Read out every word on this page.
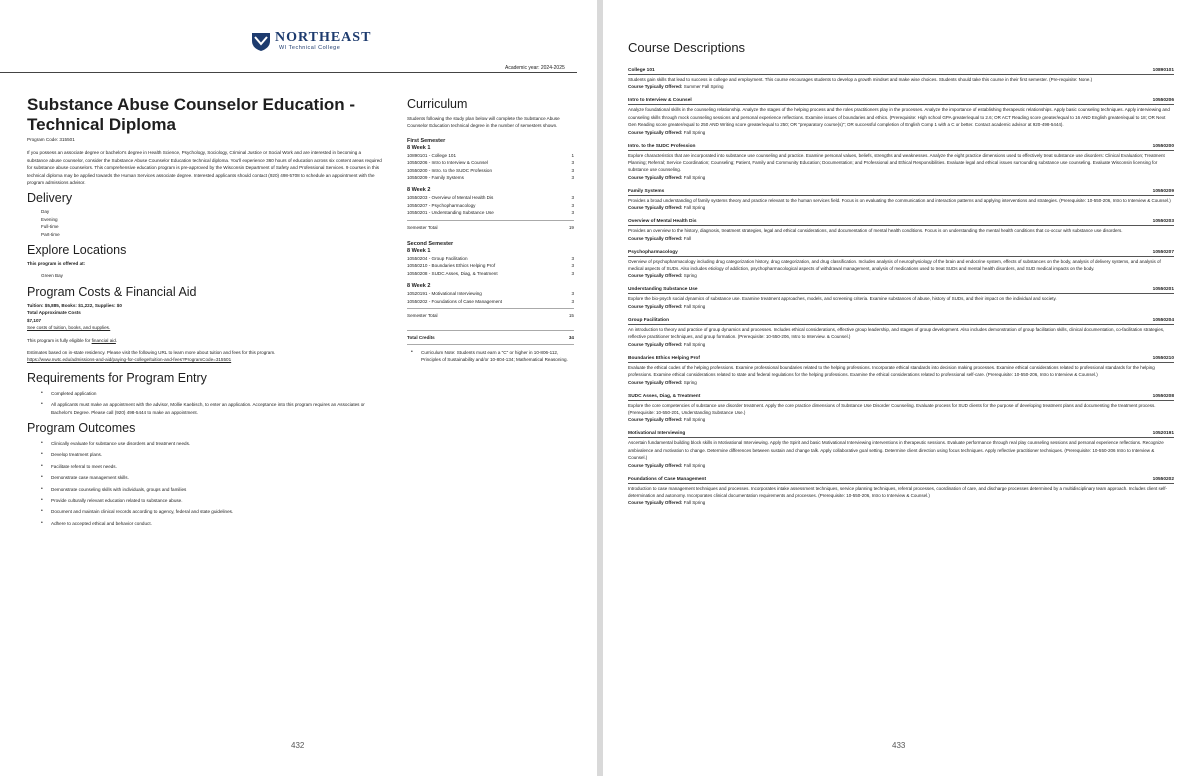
NORTHEAST
WI Technical College
Academic year: 2024-2025
Substance Abuse Counselor Education - Technical Diploma
Program Code: 315501
If you possess an associate degree or bachelor's degree in Health Science, Psychology, Sociology, Criminal Justice or Social Work and are interested in becoming a substance abuse counselor, consider the Substance Abuse Counselor Education technical diploma. You'll experience 360 hours of education across six content areas required for substance abuse counselors. This comprehensive education program is pre-approved by the Wisconsin Department of Safety and Professional Services. 9 courses in this technical diploma may be applied towards the Human Services associate degree. Interested applicants should contact (920) 498-5708 to schedule an appointment with the program admissions advisor.
Delivery
Day
Evening
Full-time
Part-time
Explore Locations
This program is offered at:
Green Bay
Program Costs & Financial Aid
Tuition: $5,885, Books: $1,222, Supplies: $0
Total Approximate Costs
$7,107
See costs of tuition, books, and supplies.
This program is fully eligible for financial aid.
Estimates based on in-state residency. Please visit the following URL to learn more about tuition and fees for this program.
https://www.nwtc.edu/admissions-and-aid/paying-for-college/tuition-and-fees?ProgramCode=315501
Requirements for Program Entry
• Completed application
• All applicants must make an appointment with the advisor, Mollie Kaebisch, to enter an application. Acceptance into this program requires an Associates or Bachelor's Degree. Please call (920) 498-5444 to make an appointment.
Program Outcomes
• Clinically evaluate for substance use disorders and treatment needs.
• Develop treatment plans.
• Facilitate referral to meet needs.
• Demonstrate case management skills.
• Demonstrate counseling skills with individuals, groups and families
• Provide culturally relevant education related to substance abuse.
• Document and maintain clinical records according to agency, federal and state guidelines.
• Adhere to accepted ethical and behavior conduct.
Curriculum
Students following the study plan below will complete the Substance Abuse Counselor Education technical degree in the number of semesters shown.
First Semester
8 Week 1
10890101 - College 101	1
10550206 - Intro to Interview & Counsel	3
10550200 - Intro. to the SUDC Profession	3
10550209 - Family Systems	3
8 Week 2
10550203 - Overview of Mental Health Dis	3
10550207 - Psychopharmacology	3
10550201 - Understanding Substance Use	3
Semester Total	19
Second Semester
8 Week 1
10550204 - Group Facilitation	3
10550210 - Boundaries Ethics Helping Prof	3
10550208 - SUDC Asses, Diag, & Treatment	3
8 Week 2
10520191 - Motivational Interviewing	3
10550202 - Foundations of Case Management	3
Semester Total	15
Total Credits	34
• Curriculum Note: Students must earn a "C" or higher in 10-806-112, Principles of Sustainability and/or 10-804-134; Mathematical Reasoning.
432
Course Descriptions
College 101	10890101
Students gain skills that lead to success in college and employment. This course encourages students to develop a growth mindset and make wise choices. Students should take this course in their first semester. (Pre-requisite: None.)
Course Typically Offered: Summer Fall Spring
Intro to Interview & Counsel	10550206
Analyze foundational skills in the counseling relationship. Analyze the stages of the helping process and the roles practitioners play in the processes. Analyze the importance of establishing therapeutic relationships. Apply basic counseling techniques. Apply interviewing and counseling skills through mock counseling sessions and personal experience reflections. Examine issues of boundaries and ethics. (Prerequisite: High school GPA greater/equal to 2.6; OR ACT Reading score greater/equal to 16 AND English greater/equal to 18; OR Next Gen Reading score greater/equal to 250 AND Writing score greater/equal to 250; OR "preparatory course(s)"; OR successful completion of English Comp 1 with a C or better. Contact academic advisor at 920-498-5444).
Course Typically Offered: Fall Spring
Intro. to the SUDC Profession	10550200
Explore characteristics that are incorporated into substance use counseling and practice. Examine personal values, beliefs, strengths and weaknesses. Analyze the eight practice dimensions used to effectively treat substance use disorders: Clinical Evaluation; Treatment Planning; Referral; Service Coordination; Counseling; Patient, Family and Community Education; Documentation; and Professional and Ethical Responsibilities. Evaluate legal and ethical issues surrounding substance use counseling. Evaluate Wisconsin licensing for substance use counseling.
Course Typically Offered: Fall Spring
Family Systems	10550209
Provides a broad understanding of family systems theory and practice relevant to the human services field. Focus is on evaluating the communication and interaction patterns and applying interventions and strategies. (Prerequisite: 10-550-206, Intro to Interview & Counsel.)
Course Typically Offered: Fall Spring
Overview of Mental Health Dis	10550203
Provides an overview to the history, diagnosis, treatment strategies, legal and ethical considerations, and documentation of mental health conditions. Focus is on understanding the mental health conditions that co-occur with substance use disorders.
Course Typically Offered: Fall
Psychopharmacology	10550207
Overview of psychopharmacology including drug categorization history, drug categorization, and drug classification. Includes analysis of neurophysiology of the brain and endocrine system, effects of substances on the body, analysis of delivery systems, and analysis of medical aspects of SUDs. Also includes etiology of addiction, psychopharmacological aspects of withdrawal management, analysis of medications used to treat SUDs and mental health disorders, and SUD medical impacts on the body.
Course Typically Offered: Spring
Understanding Substance Use	10550201
Explore the bio-psych social dynamics of substance use. Examine treatment approaches, models, and screening criteria. Examine substances of abuse, history of SUDs, and their impact on the individual and society.
Course Typically Offered: Fall Spring
Group Facilitation	10550204
An introduction to theory and practice of group dynamics and processes. Includes ethical considerations, effective group leadership, and stages of group development. Also includes demonstration of group facilitation skills, clinical documentation, co-facilitation strategies, reflective practitioner techniques, and group formation. (Prerequisite: 10-550-206, Intro to Interview. & Counsel.)
Course Typically Offered: Fall Spring
Boundaries Ethics Helping Prof	10550210
Evaluate the ethical codes of the helping professions. Examine professional boundaries related to the helping professions. Incorporate ethical standards into decision making processes. Examine ethical considerations related to professional standards for the helping professions. Examine ethical considerations related to state and federal regulations for the helping professions. Examine the ethical considerations related to professional self-care. (Prerequisite: 10-550-206, Intro to Interview & Counsel.)
Course Typically Offered: Spring
SUDC Asses, Diag, & Treatment	10550208
Explore the core competencies of substance use disorder treatment. Apply the core practice dimensions of Substance Use Disorder Counseling. Evaluate process for SUD clients for the purpose of developing treatment plans and documenting the treatment process. (Prerequisite: 10-550-201, Understanding Substance Use.)
Course Typically Offered: Fall Spring
Motivational Interviewing	10520191
Ascertain fundamental building block skills in Motivational Interviewing. Apply the Spirit and basic Motivational Interviewing interventions in therapeutic sessions. Evaluate performance through real play counseling sessions and personal experience reflections. Recognize ambivalence and motivation to change. Determine differences between sustain and change talk. Apply collaborative goal setting. Determine client direction using focus techniques. Apply reflective practitioner techniques. (Prerequisite: 10-550-206 Intro to Interview & Counsel.)
Course Typically Offered: Fall Spring
Foundations of Case Management	10550202
Introduction to case management techniques and processes. Incorporates intake assessment techniques, service planning techniques, referral processes, coordination of care, and discharge processes determined by a multidisciplinary team approach. Includes client self-determination and autonomy. Incorporates clinical documentation requirements and processes. (Prerequisite: 10-550-206, Intro to Interview & Counsel.)
Course Typically Offered: Fall Spring
433
